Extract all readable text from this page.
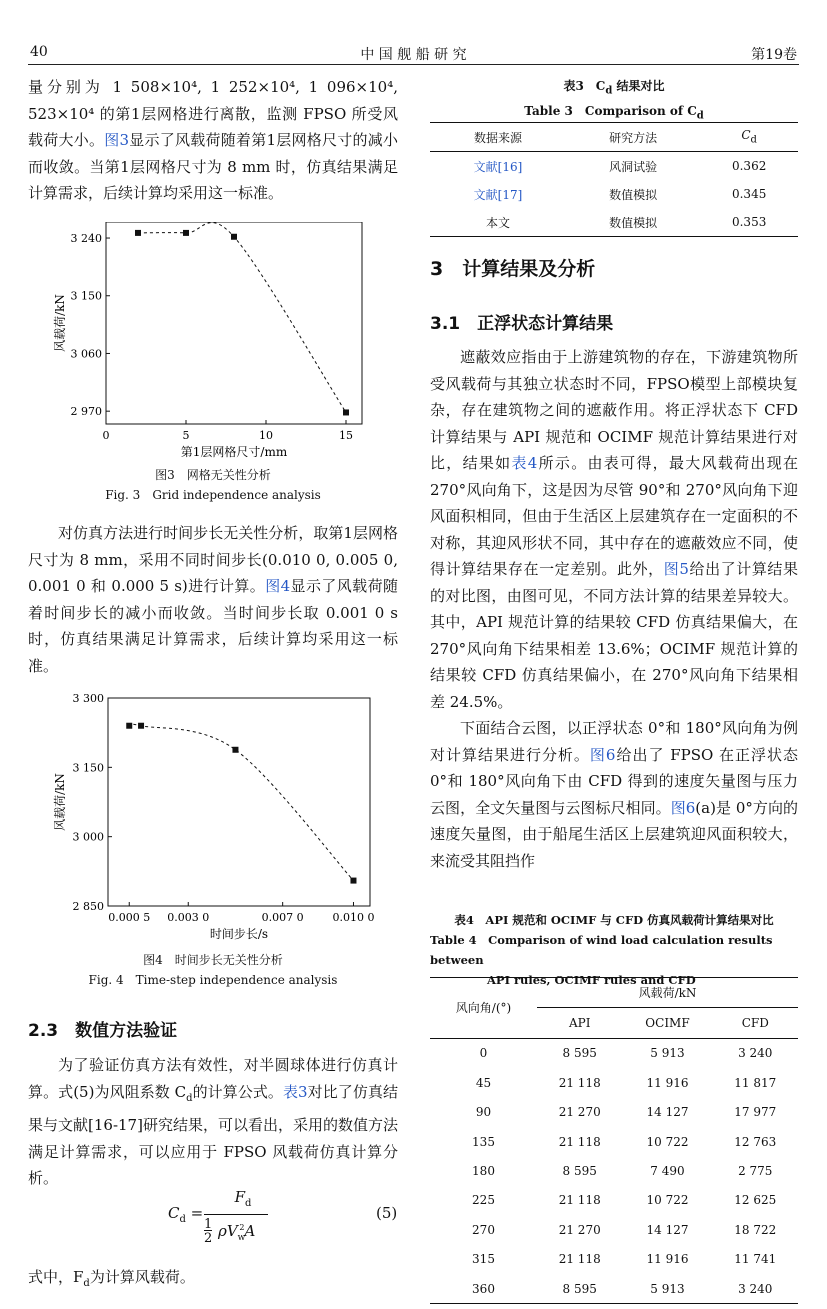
40	中 国 舰 船 研 究	第19卷

量分别为 1 508×10⁴, 1 252×10⁴, 1 096×10⁴, 523×10⁴ 的第1层网格进行离散，监测 FPSO 所受风载荷大小。图3显示了风载荷随着第1层网格尺寸的减小而收敛。当第1层网格尺寸为 8 mm 时，仿真结果满足计算需求，后续计算均采用这一标准。

2 970
3 060
3 150
3 240
0	5	10	15
第1层网格尺寸/mm
风载荷/kN
图3　网格无关性分析
Fig. 3　Grid independence analysis

对仿真方法进行时间步长无关性分析，取第1层网格尺寸为 8 mm，采用不同时间步长(0.010 0, 0.005 0, 0.001 0 和 0.000 5 s)进行计算。图4显示了风载荷随着时间步长的减小而收敛。当时间步长取 0.001 0 s 时，仿真结果满足计算需求，后续计算均采用这一标准。

2 850
3 000
3 150
3 300
0.000 5 0.003 0	0.007 0	0.010 0
时间步长/s
风载荷/kN
图4　时间步长无关性分析
Fig. 4　Time-step independence analysis
2.3　数值方法验证

为了验证仿真方法有效性，对半圆球体进行仿真计算。式(5)为风阻系数 $C_d$的计算公式。表3对比了仿真结果与文献[16-17]研究结果，可以看出，采用的数值方法满足计算需求，可以应用于 FPSO 风载荷仿真计算分析。

$C_d$ =
$F_d$
1
2 $\rho V_w^2A$
(5)

式中，$F_d$为计算风载荷。

表3　$C_d$ 结果对比
Table 3　Comparison of $C_d$
数据来源	研究方法	$C_d$
文献[16]	风洞试验	0.362
文献[17]	数值模拟	0.345
本文	数值模拟	0.353
3　计算结果及分析
3.1　正浮状态计算结果

遮蔽效应指由于上游建筑物的存在，下游建筑物所受风载荷与其独立状态时不同，FPSO模型上部模块复杂，存在建筑物之间的遮蔽作用。将正浮状态下 CFD 计算结果与 API 规范和 OCIMF 规范计算结果进行对比，结果如表4所示。由表可得，最大风载荷出现在 270°风向角下，这是因为尽管 90°和 270°风向角下迎风面积相同，但由于生活区上层建筑存在一定面积的不对称，其迎风形状不同，其中存在的遮蔽效应不同，使得计算结果存在一定差别。此外，图5给出了计算结果的对比图，由图可见，不同方法计算的结果差异较大。其中，API 规范计算的结果较 CFD 仿真结果偏大，在 270°风向角下结果相差 13.6%；OCIMF 规范计算的结果较 CFD 仿真结果偏小，在 270°风向角下结果相差 24.5%。

下面结合云图，以正浮状态 0°和 180°风向角为例对计算结果进行分析。图6给出了 FPSO 在正浮状态 0°和 180°风向角下由 CFD 得到的速度矢量图与压力云图，全文矢量图与云图标尺相同。图6(a)是 0°方向的速度矢量图，由于船尾生活区上层建筑迎风面积较大，来流受其阻挡作

表4　API 规范和 OCIMF 与 CFD 仿真风载荷计算结果对比
Table 4　Comparison of wind load calculation results between
API rules, OCIMF rules and CFD
风向角/(°)	风载荷/kN		
	API	OCIMF	CFD
0	8 595	5 913	3 240
45	21 118	11 916	11 817
90	21 270	14 127	17 977
135	21 118	10 722	12 763
180	8 595	7 490	2 775
225	21 118	10 722	12 625
270	21 270	14 127	18 722
315	21 118	11 916	11 741
360	8 595	5 913	3 240
